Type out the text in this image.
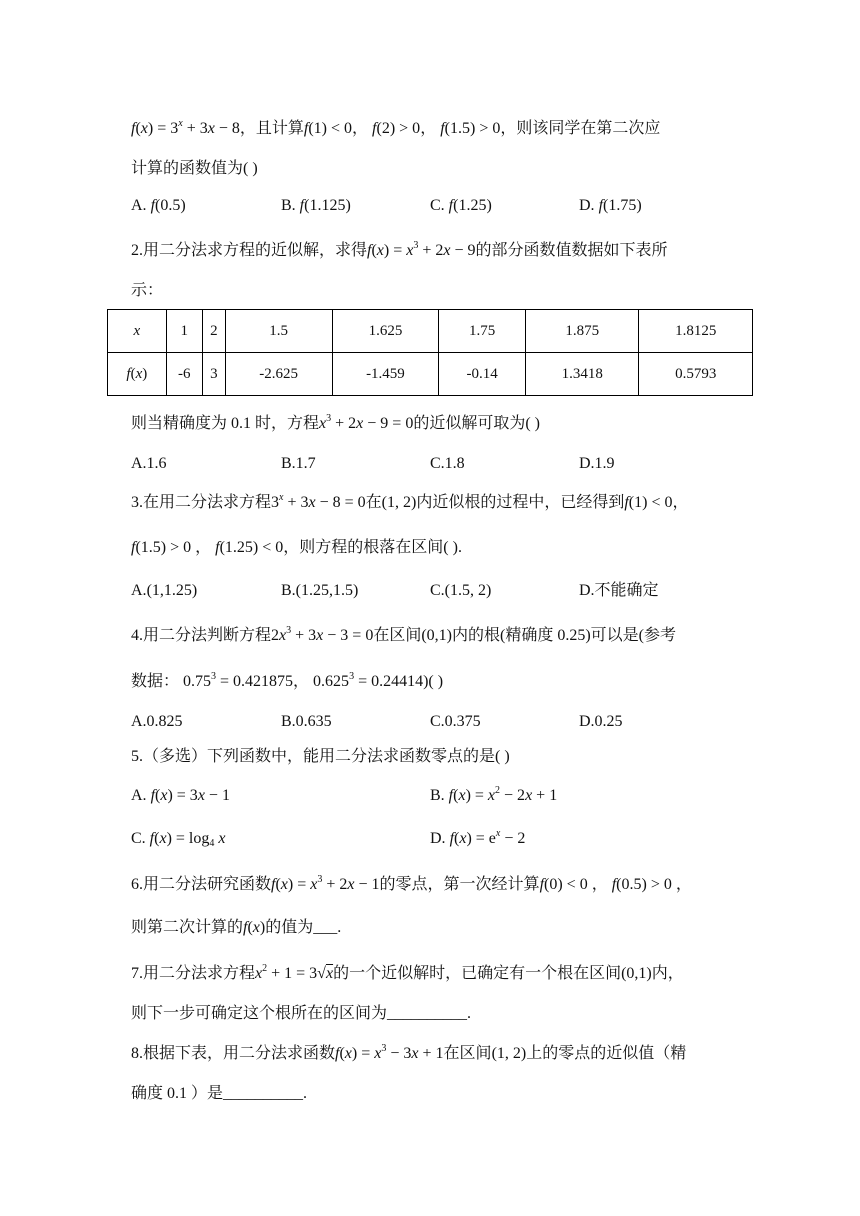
$f(x) = 3^x + 3x - 8$，且计算f(1) < 0， f(2) > 0， f(1.5) > 0，则该同学在第二次应
计算的函数值为( )
A. f(0.5)	B. f(1.125)	C. f(1.25)	D. f(1.75)
2.用二分法求方程的近似解，求得$f(x) = x^3 + 2x - 9$的部分函数值数据如下表所
示：
x	1	2	1.5	1.625	1.75	1.875	1.8125
f(x)	-6	3	-2.625	-1.459	-0.14	1.3418	0.5793
则当精确度为 0.1 时，方程$x^3 + 2x - 9 = 0$的近似解可取为( )
A.1.6	B.1.7	C.1.8	D.1.9
3.在用二分法求方程$3^x + 3x - 8 = 0$在(1, 2)内近似根的过程中，已经得到f(1) < 0，
f(1.5) > 0 ， f(1.25) < 0，则方程的根落在区间( ).
A.(1,1.25)	B.(1.25,1.5)	C.(1.5, 2)	D.不能确定
4.用二分法判断方程$2x^3 + 3x - 3 = 0$在区间(0,1)内的根(精确度 0.25)可以是(参考
数据： $0.75^3 = 0.421875$， $0.625^3 = 0.24414$)( )
A.0.825	B.0.635	C.0.375	D.0.25
5.（多选）下列函数中，能用二分法求函数零点的是( )
A. f(x) = 3x − 1	B. $f(x) = x^2 - 2x + 1$
C. $f(x) = \log_4 x$	D. $f(x) = e^x - 2$
6.用二分法研究函数$f(x) = x^3 + 2x - 1$的零点，第一次经计算f(0) < 0 ， f(0.5) > 0 ，
则第二次计算的f(x)的值为___.
7.用二分法求方程$x^2 + 1 = 3√x$的一个近似解时，已确定有一个根在区间(0,1)内，
则下一步可确定这个根所在的区间为__________.
8.根据下表，用二分法求函数$f(x) = x^3 - 3x + 1$在区间(1, 2)上的零点的近似值（精
确度 0.1 ）是__________.
